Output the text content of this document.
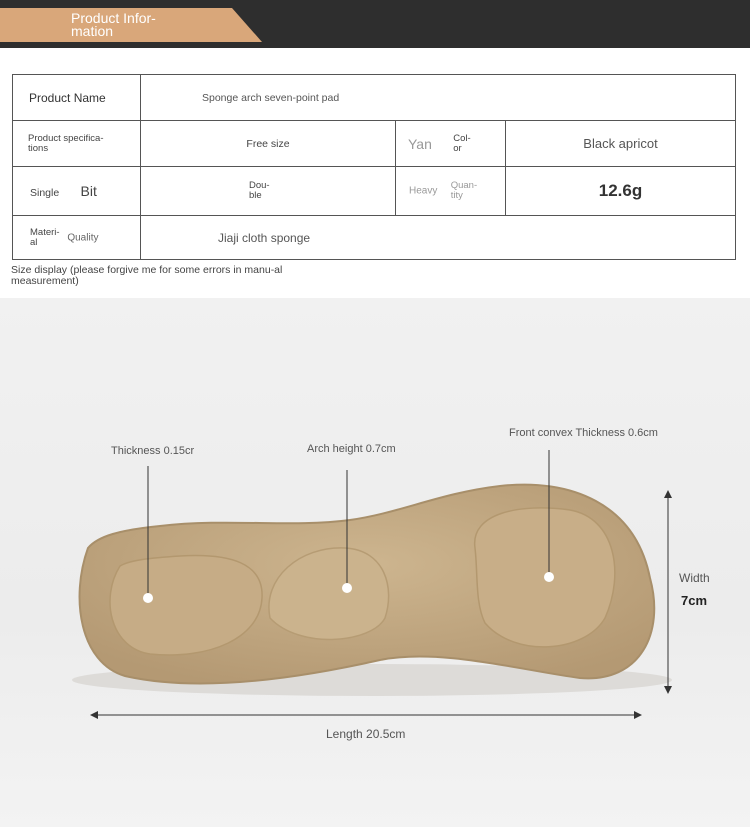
Product Infor-mation
Product Name	Sponge arch seven-point pad		

Product specifica-tions	Free size	Yan Col-or	Black apricot
Single Bit	Dou-ble	Heavy Quan-tity	12.6g
Materi-al Quality	Jiaji cloth sponge		
Size display (please forgive me for some errors in manu-al measurement)
Thickness 0.15cr	Arch height 0.7cm
Front convex Thickness 0.6cm
Width
7cm
Length 20.5cm
